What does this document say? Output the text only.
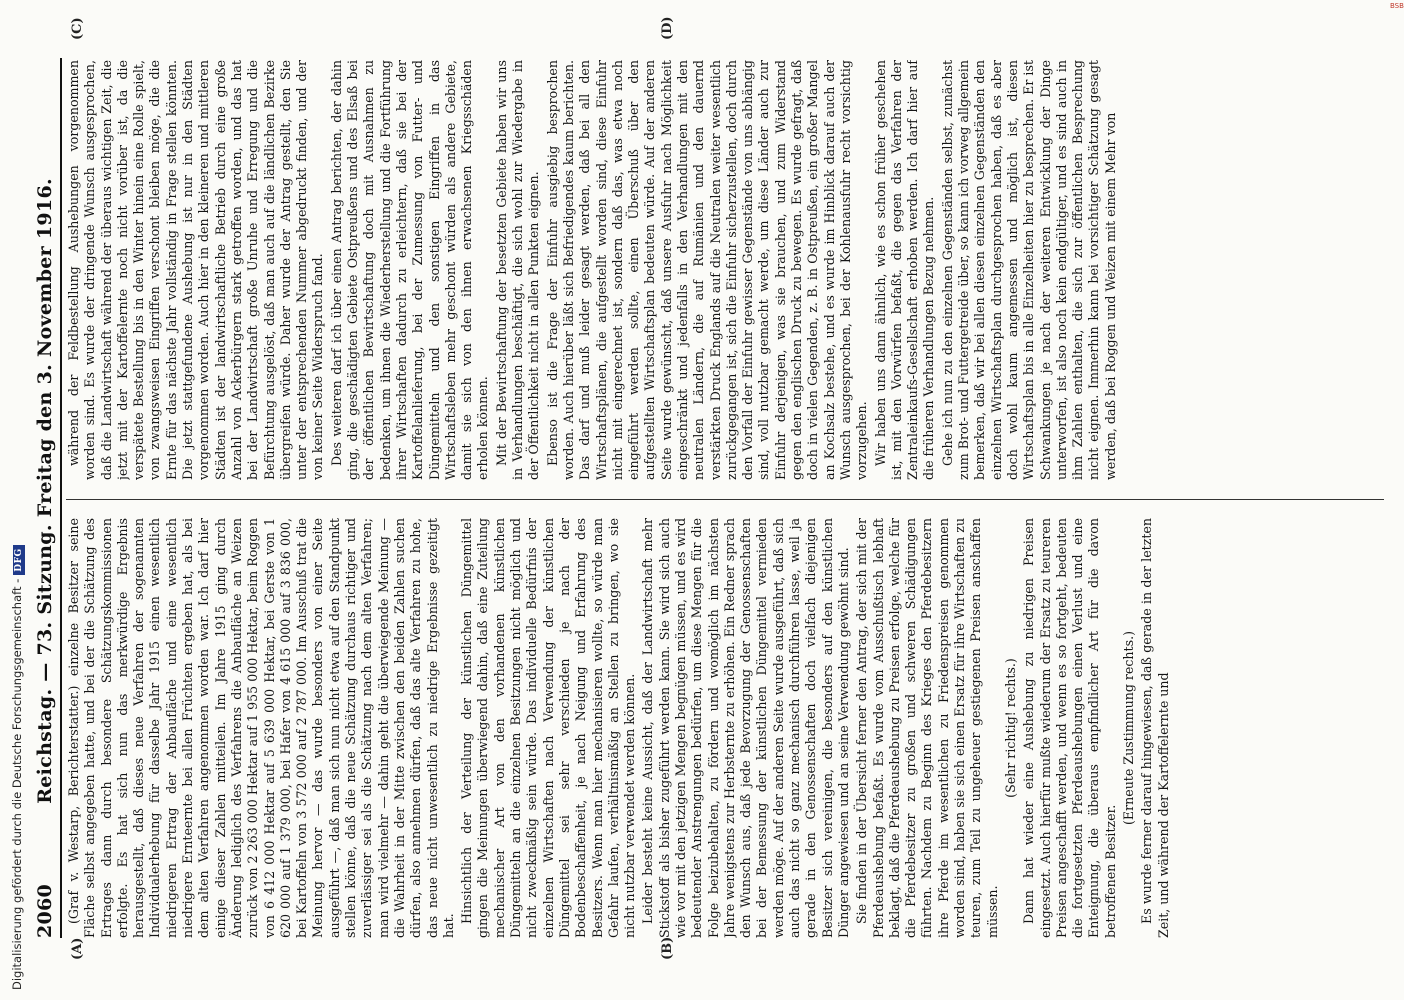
2060
Reichstag. — 73. Sitzung. Freitag den 3. November 1916.
(A)	(B)
(C)	(D)

(Graf v. Westarp, Berichterstatter.) einzelne Besitzer seine Fläche selbst angegeben hatte, und bei der die Schätzung des Ertrages dann durch besondere Schätzungskommissionen erfolgte. Es hat sich nun das merkwürdige Ergebnis herausgestellt, daß dieses neue Verfahren der sogenannten Individualerhebung für dasselbe Jahr 1915 einen wesentlich niedrigeren Ertrag der Anbaufläche und eine wesentlich niedrigere Ernteernte bei allen Früchten ergeben hat, als bei dem alten Verfahren angenommen worden war. Ich darf hier einige dieser Zahlen mitteilen. Im Jahre 1915 ging durch Änderung lediglich des Verfahrens die Anbaufläche an Weizen zurück von 2 263 000 Hektar auf 1 955 000 Hektar, beim Roggen von 6 412 000 Hektar auf 5 639 000 Hektar, bei Gerste von 1 620 000 auf 1 379 000, bei Hafer von 4 615 000 auf 3 836 000, bei Kartoffeln von 3 572 000 auf 2 787 000. Im Ausschuß trat die Meinung hervor — das wurde besonders von einer Seite ausgeführt —, daß man sich nun nicht etwa auf den Standpunkt stellen könne, daß die neue Schätzung durchaus richtiger und zuverlässiger sei als die Schätzung nach dem alten Verfahren; man wird vielmehr — dahin geht die überwiegende Meinung — die Wahrheit in der Mitte zwischen den beiden Zahlen suchen dürfen, also annehmen dürfen, daß das alte Verfahren zu hohe, das neue nicht unwesentlich zu niedrige Ergebnisse gezeitigt hat.

Hinsichtlich der Verteilung der künstlichen Düngemittel gingen die Meinungen überwiegend dahin, daß eine Zuteilung mechanischer Art von den vorhandenen künstlichen Düngemitteln an die einzelnen Besitzungen nicht möglich und nicht zweckmäßig sein würde. Das individuelle Bedürfnis der einzelnen Wirtschaften nach Verwendung der künstlichen Düngemittel sei sehr verschieden je nach der Bodenbeschaffenheit, je nach Neigung und Erfahrung des Besitzers. Wenn man hier mechanisieren wollte, so würde man Gefahr laufen, verhältnismäßig an Stellen zu bringen, wo sie nicht nutzbar verwendet werden können. Leider besteht keine Aussicht, daß der Landwirtschaft mehr Stickstoff als bisher zugeführt werden kann. Sie wird sich auch wie vor mit den jetzigen Mengen begnügen müssen, und es wird bedeutender Anstrengungen bedürfen, um diese Mengen für die Folge beizubehalten, zu fördern und womöglich im nächsten Jahre wenigstens zur Herbsternte zu erhöhen. Ein Redner sprach den Wunsch aus, daß jede Bevorzugung der Genossenschaften bei der Bemessung der künstlichen Düngemittel vermieden werden möge. Auf der anderen Seite wurde ausgeführt, daß sich auch das nicht so ganz mechanisch durchführen lasse, weil ja gerade in den Genossenschaften doch vielfach diejenigen Besitzer sich vereinigen, die besonders auf den künstlichen Dünger angewiesen und an seine Verwendung gewöhnt sind. Sie finden in der Übersicht ferner den Antrag, der sich mit der Pferdeaushebung befaßt. Es wurde vom Ausschußtisch lebhaft beklagt, daß die Pferdeaushebung zu Preisen erfolge, welche für die Pferdebesitzer zu großen und schweren Schädigungen führten. Nachdem zu Beginn des Krieges den Pferdebesitzern ihre Pferde im wesentlichen zu Friedenspreisen genommen worden sind, haben sie sich einen Ersatz für ihre Wirtschaften zu teuren, zum Teil zu ungeheuer gestiegenen Preisen anschaffen müssen.

(Sehr richtig! rechts.) Dann hat wieder eine Aushebung zu niedrigen Preisen eingesetzt. Auch hierfür mußte wiederum der Ersatz zu teureren Preisen angeschafft werden, und wenn es so fortgeht, bedeuten die fortgesetzten Pferdeaushebungen einen Verlust und eine Enteignung, die überaus empfindlicher Art für die davon betroffenen Besitzer.

(Erneute Zustimmung rechts.) Es wurde ferner darauf hingewiesen, daß gerade in der letzten Zeit, und während der Kartoffelernte und

während der Feldbestellung Aushebungen vorgenommen worden sind. Es wurde der dringende Wunsch ausgesprochen, daß die Landwirtschaft während der überaus wichtigen Zeit, die jetzt mit der Kartoffelernte noch nicht vorüber ist, da die verspätete Bestellung bis in den Winter hinein eine Rolle spielt, von zwangsweisen Eingriffen verschont bleiben möge, die die Ernte für das nächste Jahr vollständig in Frage stellen könnten. Die jetzt stattgefundene Aushebung ist nur in den Städten vorgenommen worden. Auch hier in den kleineren und mittleren Städten ist der landwirtschaftliche Betrieb durch eine große Anzahl von Ackerbürgern stark getroffen worden, und das hat bei der Landwirtschaft große Unruhe und Erregung und die Befürchtung ausgelöst, daß man auch auf die ländlichen Bezirke übergreifen würde. Daher wurde der Antrag gestellt, den Sie unter der entsprechenden Nummer abgedruckt finden, und der von keiner Seite Widerspruch fand. Des weiteren darf ich über einen Antrag berichten, der dahin ging, die geschädigten Gebiete Ostpreußens und des Elsaß bei der öffentlichen Bewirtschaftung doch mit Ausnahmen zu bedenken, um ihnen die Wiederherstellung und die Fortführung ihrer Wirtschaften dadurch zu erleichtern, daß sie bei der Kartoffelanlieferung, bei der Zumessung von Futter- und Düngemitteln und den sonstigen Eingriffen in das Wirtschaftsleben mehr geschont würden als andere Gebiete, damit sie sich von den ihnen erwachsenen Kriegsschäden erholen können. Mit der Bewirtschaftung der besetzten Gebiete haben wir uns in Verhandlungen beschäftigt, die sich wohl zur Wiedergabe in der Öffentlichkeit nicht in allen Punkten eignen. Ebenso ist die Frage der Einfuhr ausgiebig besprochen worden. Auch hierüber läßt sich Befriedigendes kaum berichten. Das darf und muß leider gesagt werden, daß bei all den Wirtschaftsplänen, die aufgestellt worden sind, diese Einfuhr nicht mit eingerechnet ist, sondern daß das, was etwa noch eingeführt werden sollte, einen Überschuß über den aufgestellten Wirtschaftsplan bedeuten würde. Auf der anderen Seite wurde gewünscht, daß unsere Ausfuhr nach Möglichkeit eingeschränkt und jedenfalls in den Verhandlungen mit den neutralen Ländern, die auf Rumänien und den dauernd verstärkten Druck Englands auf die Neutralen weiter wesentlich zurückgegangen ist, sich die Einfuhr sicherzustellen, doch durch den Vorfall der Einfuhr gewisser Gegenstände von uns abhängig sind, voll nutzbar gemacht werde, um diese Länder auch zur Einfuhr derjenigen, was sie brauchen, und zum Widerstand gegen den englischen Druck zu bewegen. Es wurde gefragt, daß doch in vielen Gegenden, z. B. in Ostpreußen, ein großer Mangel an Kochsalz bestehe, und es wurde im Hinblick darauf auch der Wunsch ausgesprochen, bei der Kohlenausfuhr recht vorsichtig vorzugehen. Wir haben uns dann ähnlich, wie es schon früher geschehen ist, mit den Vorwürfen befaßt, die gegen das Verfahren der Zentraleinkaufs-Gesellschaft erhoben werden. Ich darf hier auf die früheren Verhandlungen Bezug nehmen. Gehe ich nun zu den einzelnen Gegenständen selbst, zunächst zum Brot- und Futtergetreide über, so kann ich vorweg allgemein bemerken, daß wir bei allen diesen einzelnen Gegenständen den einzelnen Wirtschaftsplan durchgesprochen haben, daß es aber doch wohl kaum angemessen und möglich ist, diesen Wirtschaftsplan bis in alle Einzelheiten hier zu besprechen. Er ist Schwankungen je nach der weiteren Entwicklung der Dinge unterworfen, ist also noch kein endgültiger, und es sind auch in ihm Zahlen enthalten, die sich zur öffentlichen Besprechung nicht eignen. Immerhin kann bei vorsichtiger Schätzung gesagt werden, daß bei Roggen und Weizen mit einem Mehr von

Digitalisierung gefördert durch die Deutsche Forschungsgemeinschaft -DFG
BSB
